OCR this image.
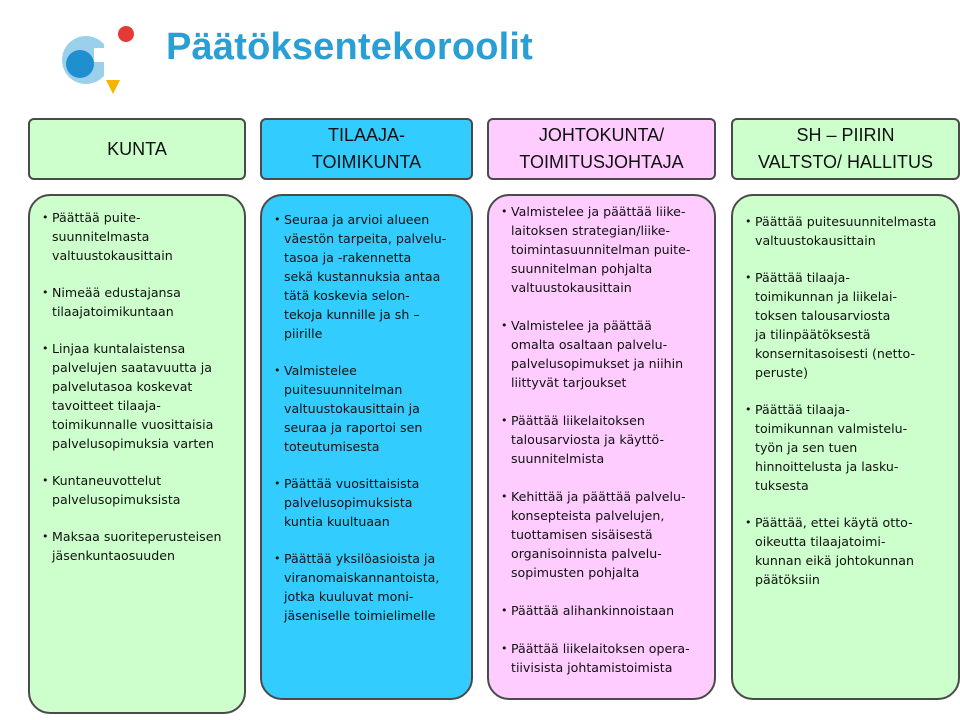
Päätöksentekoroolit
KUNTA
TILAAJA-
TOIMIKUNTA
JOHTOKUNTA/
TOIMITUSJOHTAJA
SH – PIIRIN
VALTSTO/ HALLITUS
• Päättää puite-
suunnitelmasta
valtuustokausittain
• Nimeää edustajansa
tilaajatoimikuntaan
• Linjaa kuntalaistensa
palvelujen saatavuutta ja
palvelutasoa koskevat
tavoitteet tilaaja-
toimikunnalle vuosittaisia
palvelusopimuksia varten
• Kuntaneuvottelut
palvelusopimuksista
• Maksaa suoriteperusteisen
jäsenkuntaosuuden
• Seuraa ja arvioi alueen
väestön tarpeita, palvelu-
tasoa ja -rakennetta
sekä kustannuksia antaa
tätä koskevia selon-
tekoja kunnille ja sh –
piirille
• Valmistelee
puitesuunnitelman
valtuustokausittain ja
seuraa ja raportoi sen
toteutumisesta
• Päättää vuosittaisista
palvelusopimuksista
kuntia kuultuaan
• Päättää yksilöasioista ja
viranomaiskannantoista,
jotka kuuluvat moni-
jäseniselle toimielimelle
• Valmistelee ja päättää liike-
laitoksen strategian/liike-
toimintasuunnitelman puite-
suunnitelman pohjalta
valtuustokausittain
• Valmistelee ja päättää
omalta osaltaan palvelu-
palvelusopimukset ja niihin
liittyvät tarjoukset
• Päättää liikelaitoksen
talousarviosta ja käyttö-
suunnitelmista
• Kehittää ja päättää palvelu-
konsepteista palvelujen,
tuottamisen sisäisestä
organisoinnista palvelu-
sopimusten pohjalta
• Päättää alihankinnoistaan
• Päättää liikelaitoksen opera-
tiivisista johtamistoimista
• Päättää puitesuunnitelmasta
valtuustokausittain
• Päättää tilaaja-
toimikunnan ja liikelai-
toksen talousarviosta
ja tilinpäätöksestä
konsernitasoisesti (netto-
peruste)
• Päättää tilaaja-
toimikunnan valmistelu-
työn ja sen tuen
hinnoittelusta ja lasku-
tuksesta
• Päättää, ettei käytä otto-
oikeutta tilaajatoimi-
kunnan eikä johtokunnan
päätöksiin
